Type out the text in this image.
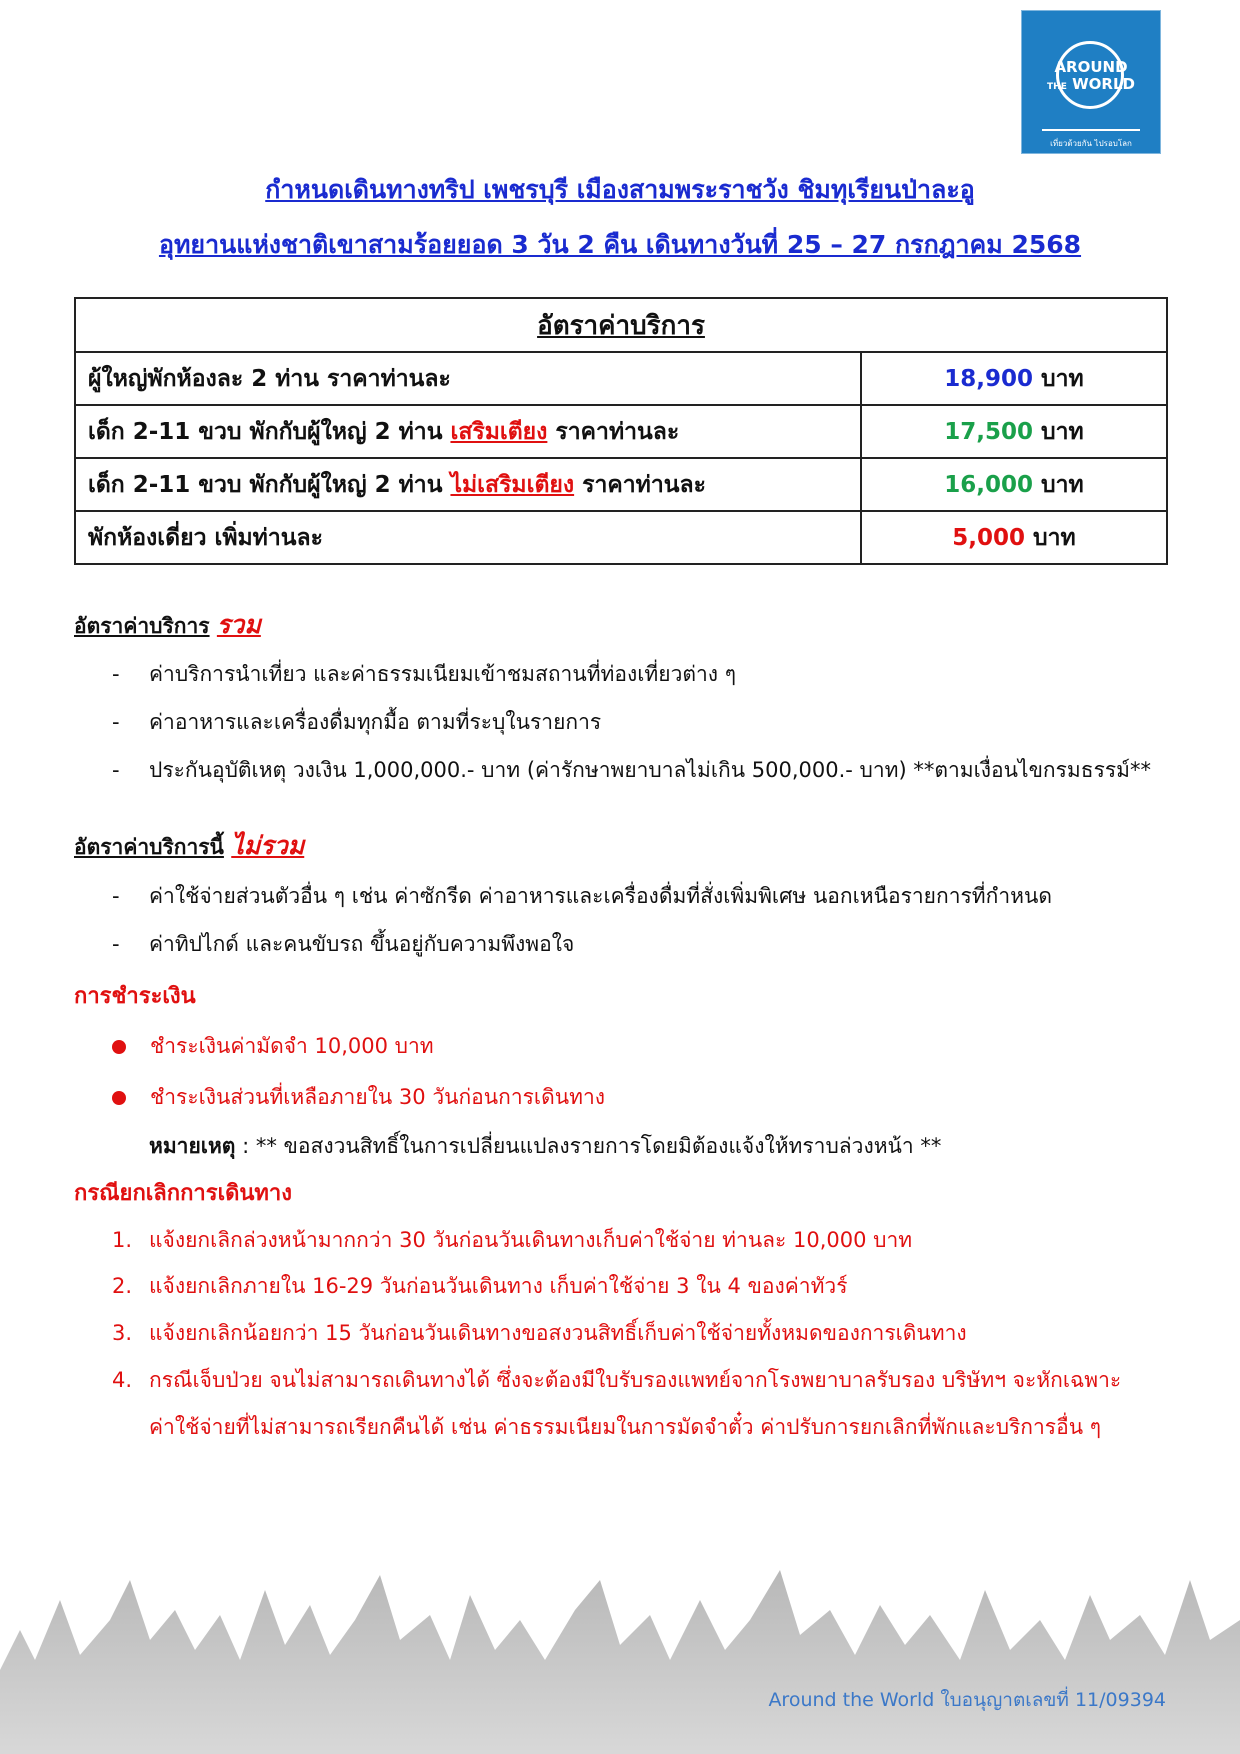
AROUND
THE WORLD
เที่ยวด้วยกัน ไปรอบโลก
กำหนดเดินทางทริป เพชรบุรี เมืองสามพระราชวัง ชิมทุเรียนป่าละอู
อุทยานแห่งชาติเขาสามร้อยยอด 3 วัน 2 คืน เดินทางวันที่ 25 – 27 กรกฎาคม 2568
อัตราค่าบริการ	
ผู้ใหญ่พักห้องละ 2 ท่าน ราคาท่านละ	18,900 บาท
เด็ก 2-11 ขวบ พักกับผู้ใหญ่ 2 ท่าน เสริมเตียง ราคาท่านละ	17,500 บาท
เด็ก 2-11 ขวบ พักกับผู้ใหญ่ 2 ท่าน ไม่เสริมเตียง ราคาท่านละ	16,000 บาท
พักห้องเดี่ยว เพิ่มท่านละ	5,000 บาท
อัตราค่าบริการ รวม
- ค่าบริการนำเที่ยว และค่าธรรมเนียมเข้าชมสถานที่ท่องเที่ยวต่าง ๆ
- ค่าอาหารและเครื่องดื่มทุกมื้อ ตามที่ระบุในรายการ
- ประกันอุบัติเหตุ วงเงิน 1,000,000.- บาท (ค่ารักษาพยาบาลไม่เกิน 500,000.- บาท) **ตามเงื่อนไขกรมธรรม์**
อัตราค่าบริการนี้ ไม่รวม
- ค่าใช้จ่ายส่วนตัวอื่น ๆ เช่น ค่าซักรีด ค่าอาหารและเครื่องดื่มที่สั่งเพิ่มพิเศษ นอกเหนือรายการที่กำหนด
- ค่าทิปไกด์ และคนขับรถ ขึ้นอยู่กับความพึงพอใจ
การชำระเงิน
ชำระเงินค่ามัดจำ 10,000 บาท
ชำระเงินส่วนที่เหลือภายใน 30 วันก่อนการเดินทาง
หมายเหตุ : ** ขอสงวนสิทธิ์ในการเปลี่ยนแปลงรายการโดยมิต้องแจ้งให้ทราบล่วงหน้า **
กรณียกเลิกการเดินทาง
1. แจ้งยกเลิกล่วงหน้ามากกว่า 30 วันก่อนวันเดินทางเก็บค่าใช้จ่าย ท่านละ 10,000 บาท
2. แจ้งยกเลิกภายใน 16-29 วันก่อนวันเดินทาง เก็บค่าใช้จ่าย 3 ใน 4 ของค่าทัวร์
3. แจ้งยกเลิกน้อยกว่า 15 วันก่อนวันเดินทางขอสงวนสิทธิ์เก็บค่าใช้จ่ายทั้งหมดของการเดินทาง
4. กรณีเจ็บป่วย จนไม่สามารถเดินทางได้ ซึ่งจะต้องมีใบรับรองแพทย์จากโรงพยาบาลรับรอง บริษัทฯ จะหักเฉพาะ
ค่าใช้จ่ายที่ไม่สามารถเรียกคืนได้ เช่น ค่าธรรมเนียมในการมัดจำตั๋ว ค่าปรับการยกเลิกที่พักและบริการอื่น ๆ
Around the World ใบอนุญาตเลขที่ 11/09394
